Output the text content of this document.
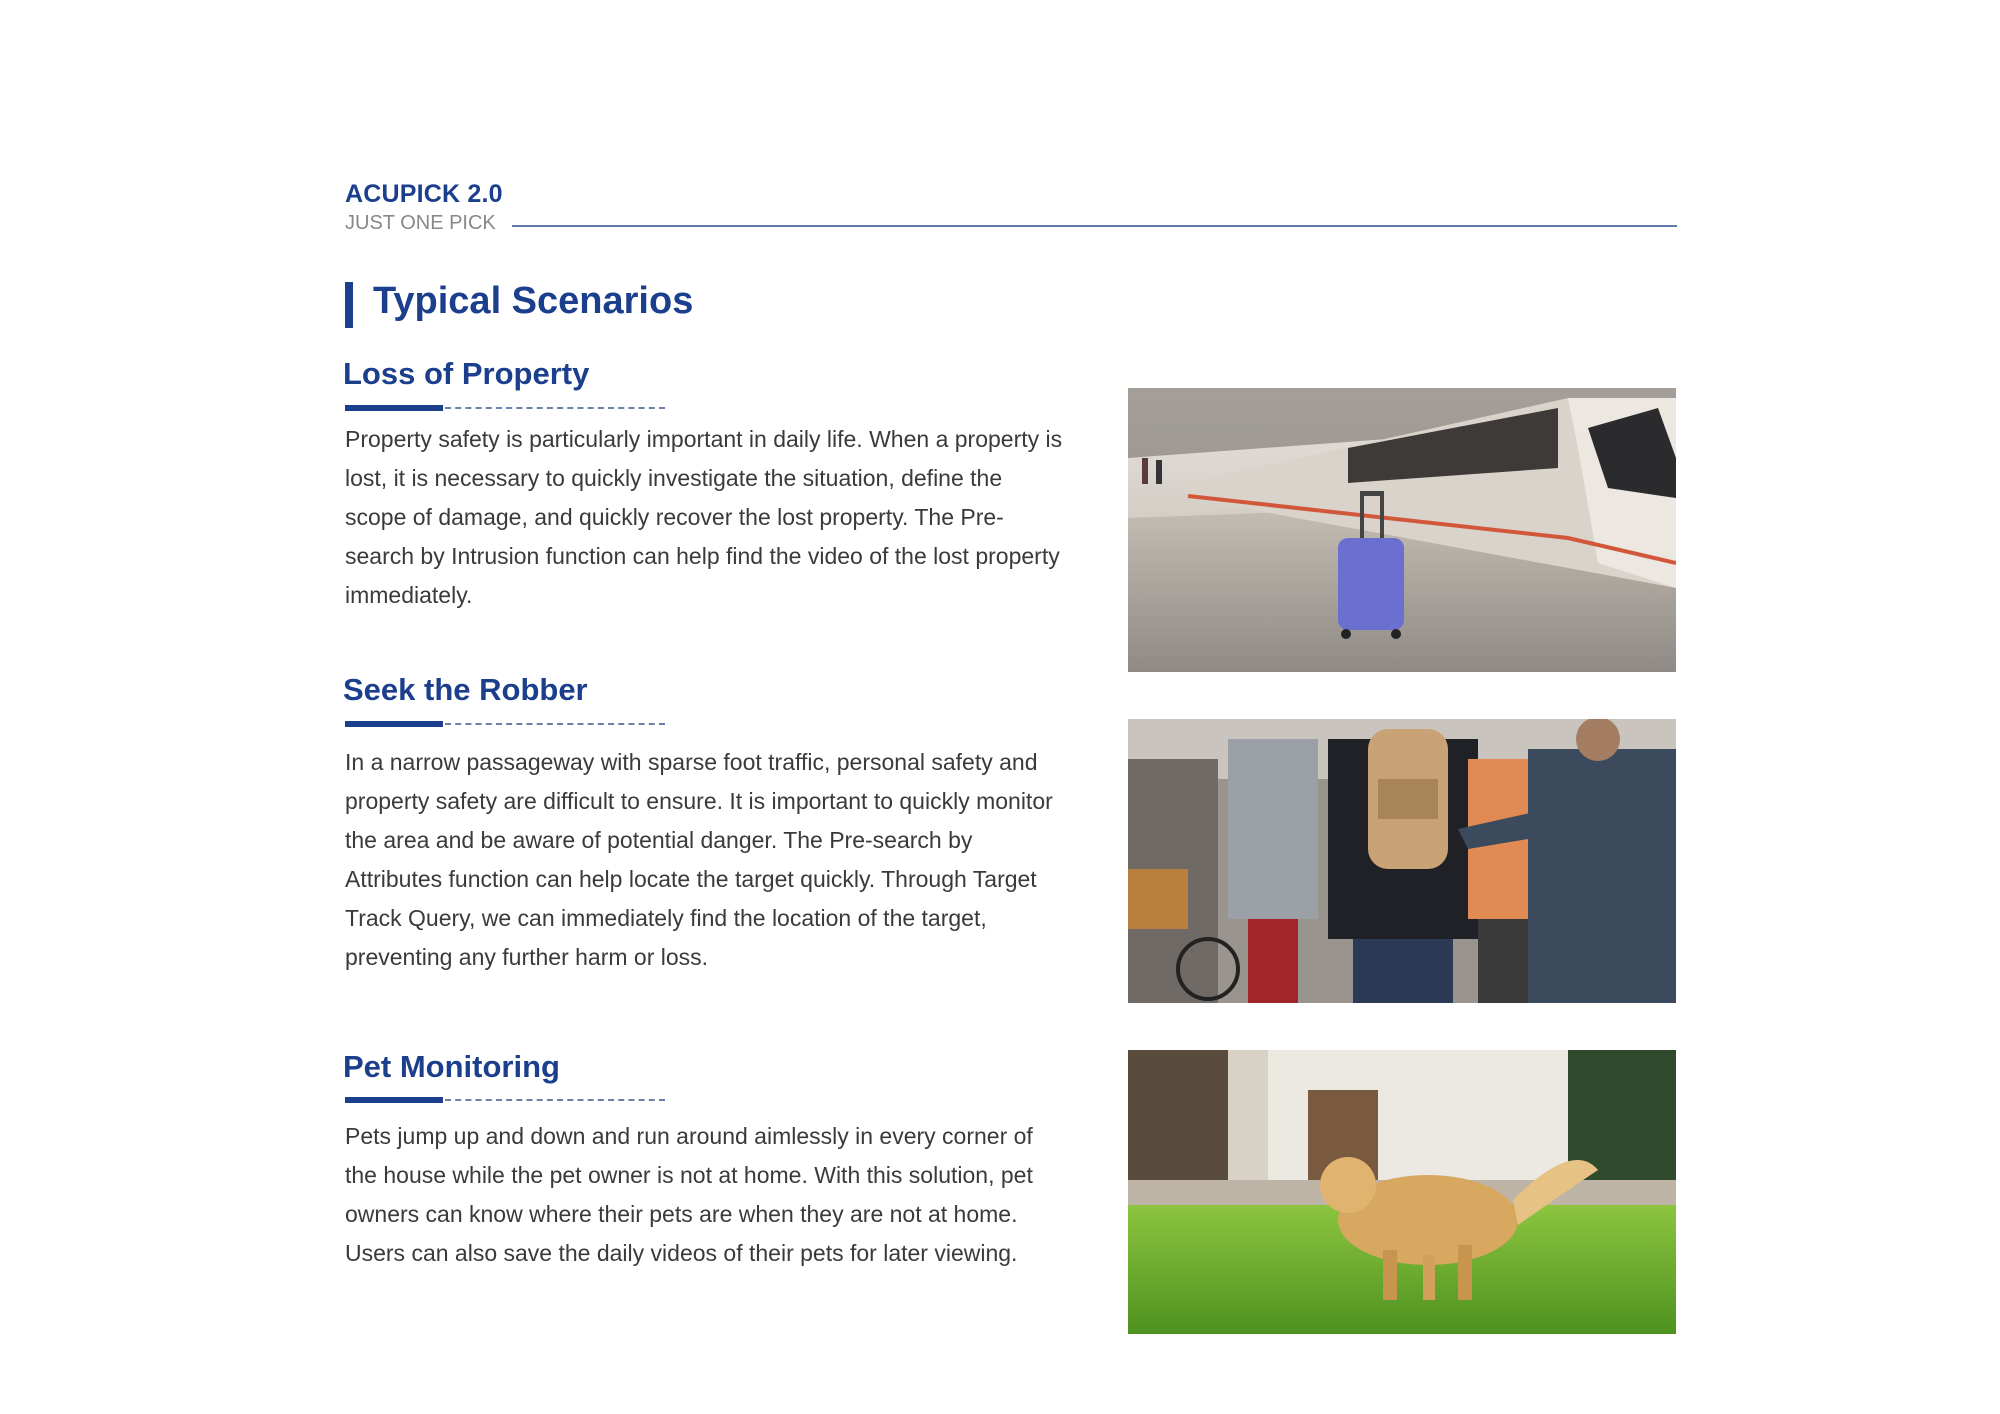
ACUPICK 2.0
JUST ONE PICK
Typical Scenarios
Loss of Property
Property safety is particularly important in daily life. When a property is lost, it is necessary to quickly investigate the situation, define the scope of damage, and quickly recover the lost property. The Pre-search by Intrusion function can help find the video of the lost property immediately.
Seek the Robber
In a narrow passageway with sparse foot traffic, personal safety and property safety are difficult to ensure. It is important to quickly monitor the area and be aware of potential danger. The Pre-search by Attributes function can help locate the target quickly. Through Target Track Query, we can immediately find the location of the target, preventing any further harm or loss.
Pet Monitoring
Pets jump up and down and run around aimlessly in every corner of the house while the pet owner is not at home. With this solution, pet owners can know where their pets are when they are not at home. Users can also save the daily videos of their pets for later viewing.
